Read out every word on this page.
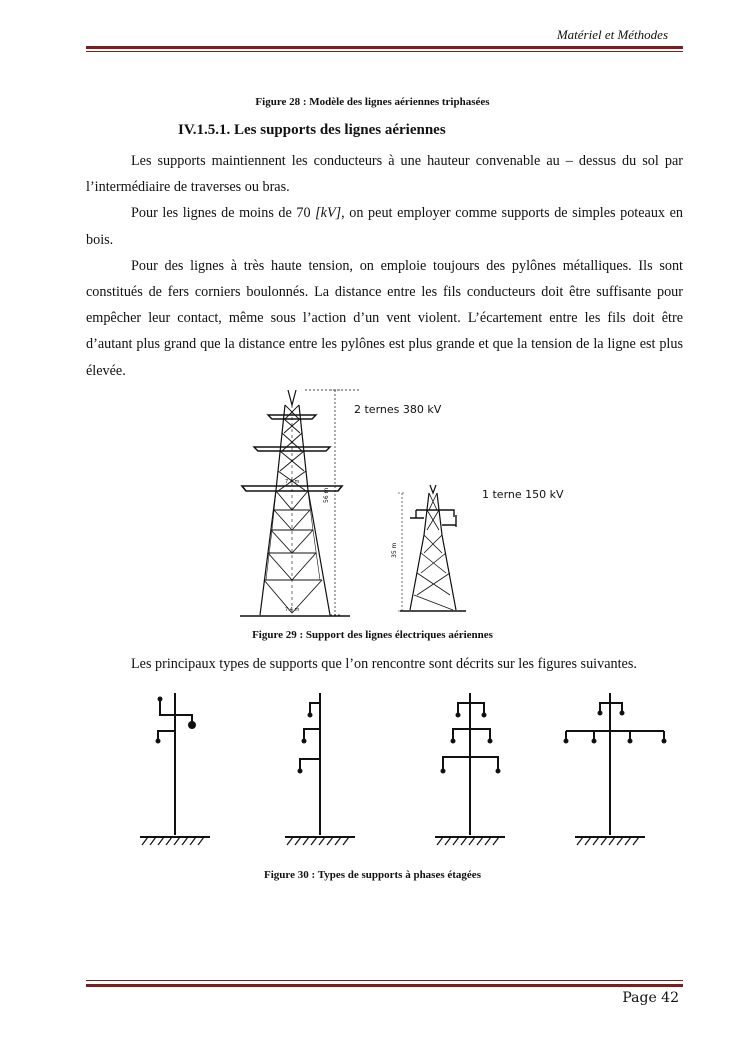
Matériel et Méthodes
Figure 28 : Modèle des lignes aériennes triphasées
IV.1.5.1. Les supports des lignes aériennes

Les supports maintiennent les conducteurs à une hauteur convenable au – dessus du sol par l’intermédiaire de traverses ou bras.

Pour les lignes de moins de 70 [kV], on peut employer comme supports de simples poteaux en bois.

Pour des lignes à très haute tension, on emploie toujours des pylônes métalliques. Ils sont constitués de fers corniers boulonnés. La distance entre les fils conducteurs doit être suffisante pour empêcher leur contact, même sous l’action d’un vent violent. L’écartement entre les fils doit être d’autant plus grand que la distance entre les pylônes est plus grande et que la tension de la ligne est plus élevée.

2 ternes 380 kV
56 m
7.4 m
7.4 m
1 terne 150 kV
35 m
Figure 29 : Support des lignes électriques aériennes

Les principaux types de supports que l’on rencontre sont décrits sur les figures suivantes.

Figure 30 : Types de supports à phases étagées
Page 42
